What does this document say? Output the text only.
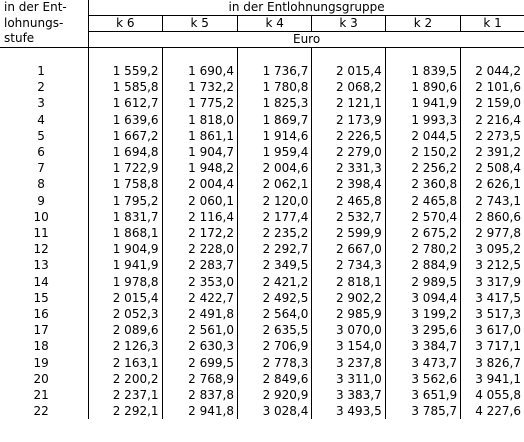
in der Ent-
lohnungs-
stufe	in der Entlohnungsgruppe					
	k 6	k 5	k 4	k 3	k 2	k 1
	Euro					

1	1 559,2	1 690,4	1 736,7	2 015,4	1 839,5	2 044,2
2	1 585,8	1 732,2	1 780,8	2 068,2	1 890,6	2 101,6
3	1 612,7	1 775,2	1 825,3	2 121,1	1 941,9	2 159,0
4	1 639,6	1 818,0	1 869,7	2 173,9	1 993,3	2 216,4
5	1 667,2	1 861,1	1 914,6	2 226,5	2 044,5	2 273,5
6	1 694,8	1 904,7	1 959,4	2 279,0	2 150,2	2 391,2
7	1 722,9	1 948,2	2 004,6	2 331,3	2 256,2	2 508,4
8	1 758,8	2 004,4	2 062,1	2 398,4	2 360,8	2 626,1
9	1 795,2	2 060,1	2 120,0	2 465,8	2 465,8	2 743,1
10	1 831,7	2 116,4	2 177,4	2 532,7	2 570,4	2 860,6
11	1 868,1	2 172,2	2 235,2	2 599,9	2 675,2	2 977,8
12	1 904,9	2 228,0	2 292,7	2 667,0	2 780,2	3 095,2
13	1 941,9	2 283,7	2 349,5	2 734,3	2 884,9	3 212,5
14	1 978,8	2 353,0	2 421,2	2 818,1	2 989,5	3 317,9
15	2 015,4	2 422,7	2 492,5	2 902,2	3 094,4	3 417,5
16	2 052,3	2 491,8	2 564,0	2 985,9	3 199,2	3 517,3
17	2 089,6	2 561,0	2 635,5	3 070,0	3 295,6	3 617,0
18	2 126,3	2 630,3	2 706,9	3 154,0	3 384,7	3 717,1
19	2 163,1	2 699,5	2 778,3	3 237,8	3 473,7	3 826,7
20	2 200,2	2 768,9	2 849,6	3 311,0	3 562,6	3 941,1
21	2 237,1	2 837,8	2 920,9	3 383,7	3 651,9	4 055,8
22	2 292,1	2 941,8	3 028,4	3 493,5	3 785,7	4 227,6
